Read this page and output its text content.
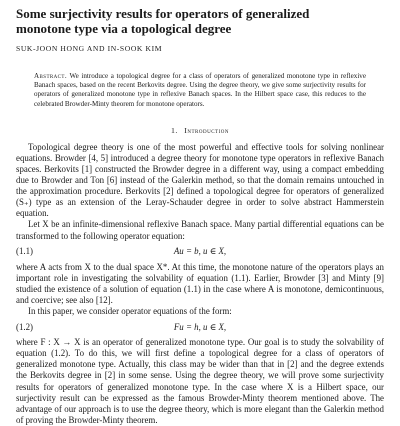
Some surjectivity results for operators of generalized monotone type via a topological degree
SUK-JOON HONG AND IN-SOOK KIM

Abstract. We introduce a topological degree for a class of operators of generalized monotone type in reflexive Banach spaces, based on the recent Berkovits degree. Using the degree theory, we give some surjectivity results for operators of generalized monotone type in reflexive Banach spaces. In the Hilbert space case, this reduces to the celebrated Browder-Minty theorem for monotone operators.

1. Introduction

Topological degree theory is one of the most powerful and effective tools for solving nonlinear equations. Browder [4, 5] introduced a degree theory for monotone type operators in reflexive Banach spaces. Berkovits [1] constructed the Browder degree in a different way, using a compact embedding due to Browder and Ton [6] instead of the Galerkin method, so that the domain remains untouched in the approximation procedure. Berkovits [2] defined a topological degree for operators of generalized (S₊) type as an extension of the Leray-Schauder degree in order to solve abstract Hammerstein equation.

Let X be an infinite-dimensional reflexive Banach space. Many partial differential equations can be transformed to the following operator equation:

(1.1)	Au = b, u ∈ X,

where A acts from X to the dual space X*. At this time, the monotone nature of the operators plays an important role in investigating the solvability of equation (1.1). Earlier, Browder [3] and Minty [9] studied the existence of a solution of equation (1.1) in the case where A is monotone, demicontinuous, and coercive; see also [12].

In this paper, we consider operator equations of the form:

(1.2)	Fu = h, u ∈ X,

where F : X → X is an operator of generalized monotone type. Our goal is to study the solvability of equation (1.2). To do this, we will first define a topological degree for a class of operators of generalized monotone type. Actually, this class may be wider than that in [2] and the degree extends the Berkovits degree in [2] in some sense. Using the degree theory, we will prove some surjectivity results for operators of generalized monotone type. In the case where X is a Hilbert space, our surjectivity result can be expressed as the famous Browder-Minty theorem mentioned above. The advantage of our approach is to use the degree theory, which is more elegant than the Galerkin method of proving the Browder-Minty theorem.
